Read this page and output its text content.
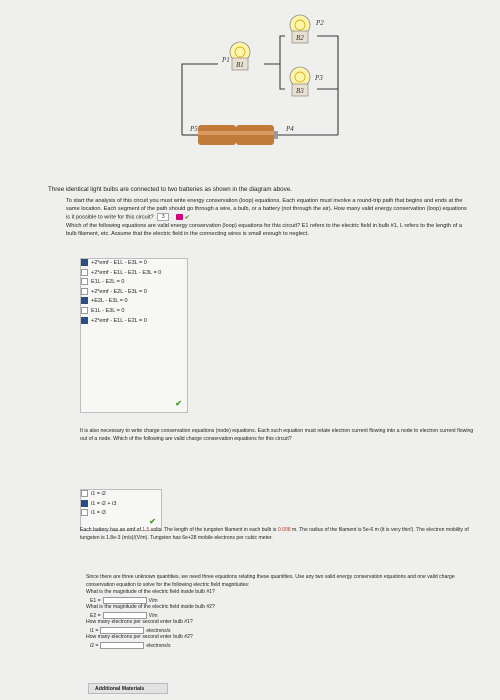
B2
B1
B3
P2
P1
P3
P5	P4
Three identical light bulbs are connected to two batteries as shown in the diagram above.

To start the analysis of this circuit you must write energy conservation (loop) equations. Each equation must involve a round-trip path that begins and ends at the same location. Each segment of the path should go through a wire, a bulb, or a battery (not through the air). How many valid energy conservation (loop) equations is it possible to write for this circuit? 3	✔

Which of the following equations are valid energy conservation (loop) equations for this circuit? E1 refers to the electric field in bulb #1, L refers to the length of a bulb filament, etc. Assume that the electric field in the connecting wires is small enough to neglect.

+2*emf - E1L - E3L = 0
+2*emf - E1L - E2L - E3L = 0
E1L - E2L = 0
+2*emf - E2L - E3L = 0
+E2L - E3L = 0
E1L - E3L = 0
+2*emf - E1L - E2L = 0
✔

It is also necessary to write charge conservation equations (node) equations. Each such equation must relate electron current flowing into a node to electron current flowing out of a node. Which of the following are valid charge conservation equations for this circuit?

i1 = i2
i1 = i2 + i3
i1 = i3
✔

Each battery has an emf of 1.5 volts. The length of the tungsten filament in each bulb is 0.008 m. The radius of the filament is 5e-6 m (it is very thin!). The electron mobility of tungsten is 1.8e-3 (m/s)/(V/m). Tungsten has 6e+28 mobile electrons per cubic meter.

Since there are three unknown quantities, we need three equations relating these quantities. Use any two valid energy conservation equations and one valid charge conservation equation to solve for the following electric field magnitudes:

What is the magnitude of the electric field inside bulb #1?
E1 =	V/m
What is the magnitude of the electric field inside bulb #2?
E2 =	V/m
How many electrons per second enter bulb #1?
i1 =	electrons/s
How many electrons per second enter bulb #2?
i2 =	electrons/s
Additional Materials
